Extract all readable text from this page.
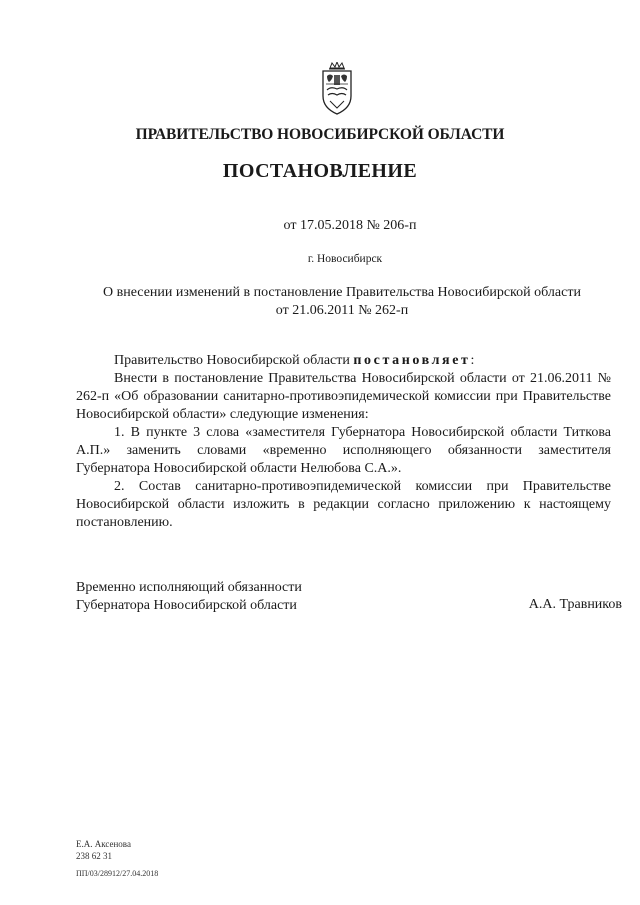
ПРАВИТЕЛЬСТВО НОВОСИБИРСКОЙ ОБЛАСТИ
ПОСТАНОВЛЕНИЕ
от 17.05.2018 № 206-п
г. Новосибирск
О внесении изменений в постановление Правительства Новосибирской области
от 21.06.2011 № 262-п

Правительство Новосибирской области постановляет:

Внести в постановление Правительства Новосибирской области от 21.06.2011 № 262-п «Об образовании санитарно-противоэпидемической комиссии при Правительстве Новосибирской области» следующие изменения:

1. В пункте 3 слова «заместителя Губернатора Новосибирской области Титкова А.П.» заменить словами «временно исполняющего обязанности заместителя Губернатора Новосибирской области Нелюбова С.А.».

2. Состав санитарно-противоэпидемической комиссии при Правительстве Новосибирской области изложить в редакции согласно приложению к настоящему постановлению.

Временно исполняющий обязанности
Губернатора Новосибирской области	А.А. Травников
Е.А. Аксенова
238 62 31
ПП/03/28912/27.04.2018
